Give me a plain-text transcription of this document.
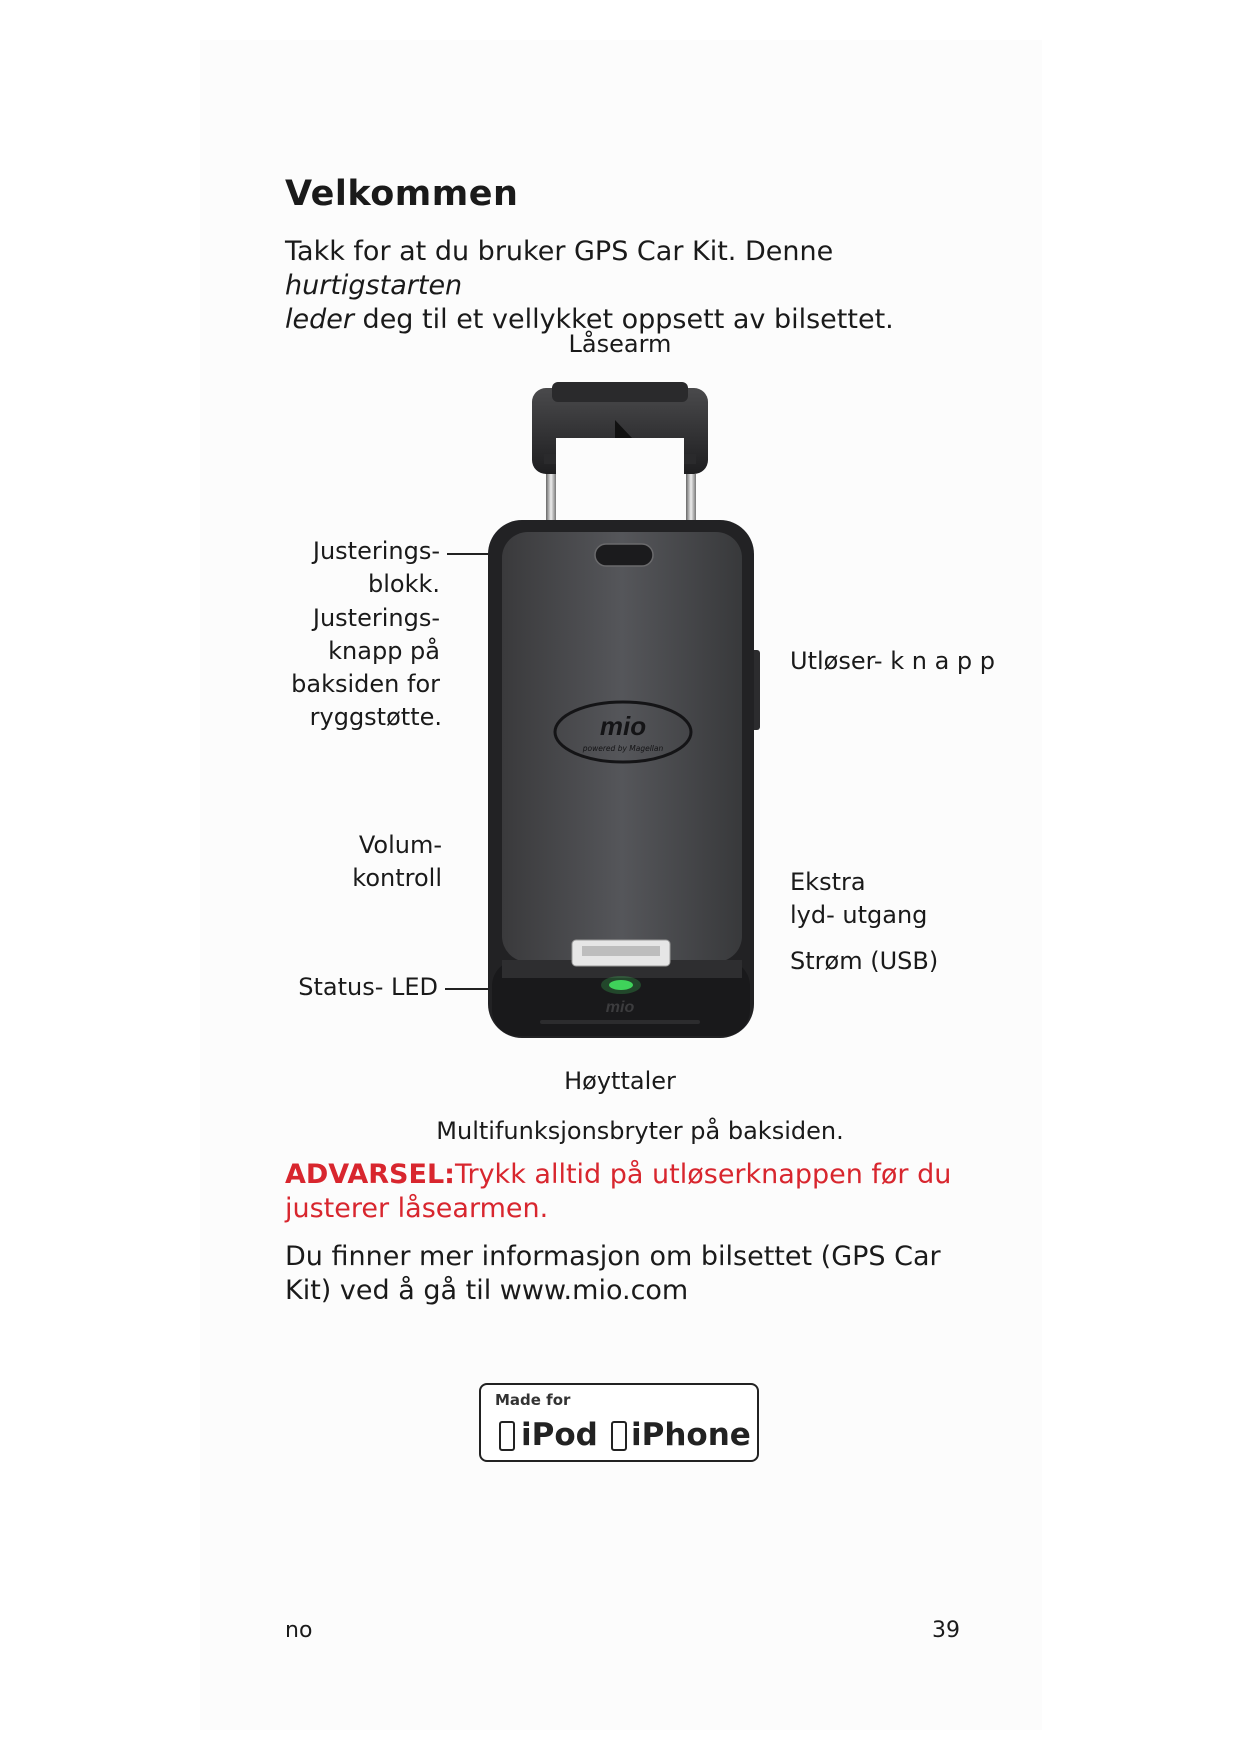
Velkommen

Takk for at du bruker GPS Car Kit. Denne hurtigstarten
leder deg til et vellykket oppsett av bilsettet.

Låsearm
Justerings-
blokk.
Justerings-
knapp på
baksiden for
ryggstøtte.
Utløser- k n a p p
Volum-
kontroll	Ekstra
lyd- utgang
Strøm (USB)
Status- LED
mio
powered by Magellan
mio
Høyttaler
Multifunksjonsbryter på baksiden.

ADVARSEL:Trykk alltid på utløserknappen før du justerer låsearmen.

Du finner mer informasjon om bilsettet (GPS Car Kit) ved å gå til www.mio.com

Made for
iPod iPhone
no	39
